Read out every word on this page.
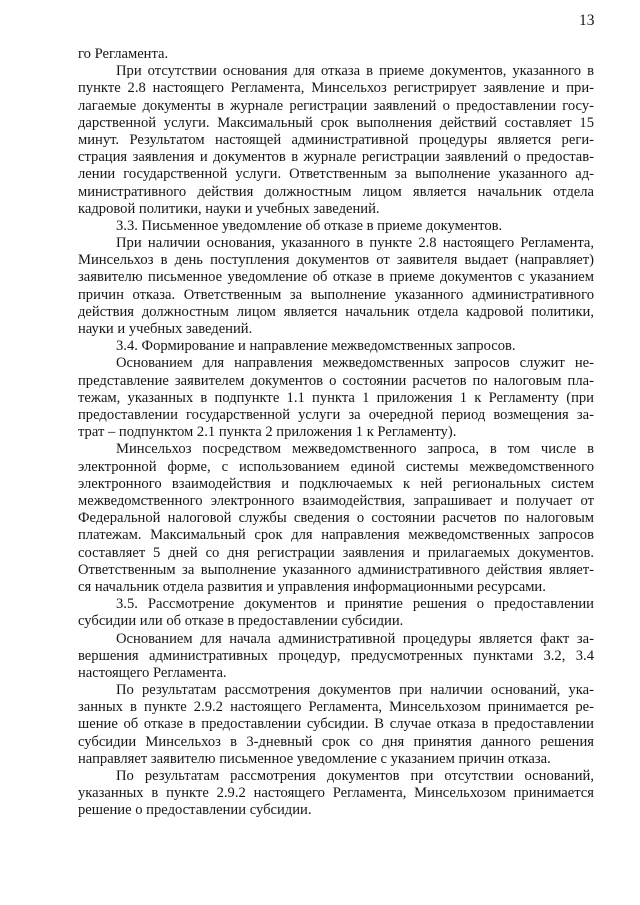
13
го Регламента.
При отсутствии основания для отказа в приеме документов, указанного в
пункте 2.8 настоящего Регламента, Минсельхоз регистрирует заявление и при-
лагаемые документы в журнале регистрации заявлений о предоставлении госу-
дарственной услуги. Максимальный срок выполнения действий составляет 15
минут. Результатом настоящей административной процедуры является реги-
страция заявления и документов в журнале регистрации заявлений о предостав-
лении государственной услуги. Ответственным за выполнение указанного ад-
министративного действия должностным лицом является начальник отдела
кадровой политики, науки и учебных заведений.
3.3. Письменное уведомление об отказе в приеме документов.
При наличии основания, указанного в пункте 2.8 настоящего Регламента,
Минсельхоз в день поступления документов от заявителя выдает (направляет)
заявителю письменное уведомление об отказе в приеме документов с указанием
причин отказа. Ответственным за выполнение указанного административного
действия должностным лицом является начальник отдела кадровой политики,
науки и учебных заведений.
3.4. Формирование и направление межведомственных запросов.
Основанием для направления межведомственных запросов служит не-
представление заявителем документов о состоянии расчетов по налоговым пла-
тежам, указанных в подпункте 1.1 пункта 1 приложения 1 к Регламенту (при
предоставлении государственной услуги за очередной период возмещения за-
трат – подпунктом 2.1 пункта 2 приложения 1 к Регламенту).
Минсельхоз посредством межведомственного запроса, в том числе в
электронной форме, с использованием единой системы межведомственного
электронного взаимодействия и подключаемых к ней региональных систем
межведомственного электронного взаимодействия, запрашивает и получает от
Федеральной налоговой службы сведения о состоянии расчетов по налоговым
платежам. Максимальный срок для направления межведомственных запросов
составляет 5 дней со дня регистрации заявления и прилагаемых документов.
Ответственным за выполнение указанного административного действия являет-
ся начальник отдела развития и управления информационными ресурсами.
3.5. Рассмотрение документов и принятие решения о предоставлении
субсидии или об отказе в предоставлении субсидии.
Основанием для начала административной процедуры является факт за-
вершения административных процедур, предусмотренных пунктами 3.2, 3.4
настоящего Регламента.
По результатам рассмотрения документов при наличии оснований, ука-
занных в пункте 2.9.2 настоящего Регламента, Минсельхозом принимается ре-
шение об отказе в предоставлении субсидии. В случае отказа в предоставлении
субсидии Минсельхоз в 3-дневный срок со дня принятия данного решения
направляет заявителю письменное уведомление с указанием причин отказа.
По результатам рассмотрения документов при отсутствии оснований,
указанных в пункте 2.9.2 настоящего Регламента, Минсельхозом принимается
решение о предоставлении субсидии.
